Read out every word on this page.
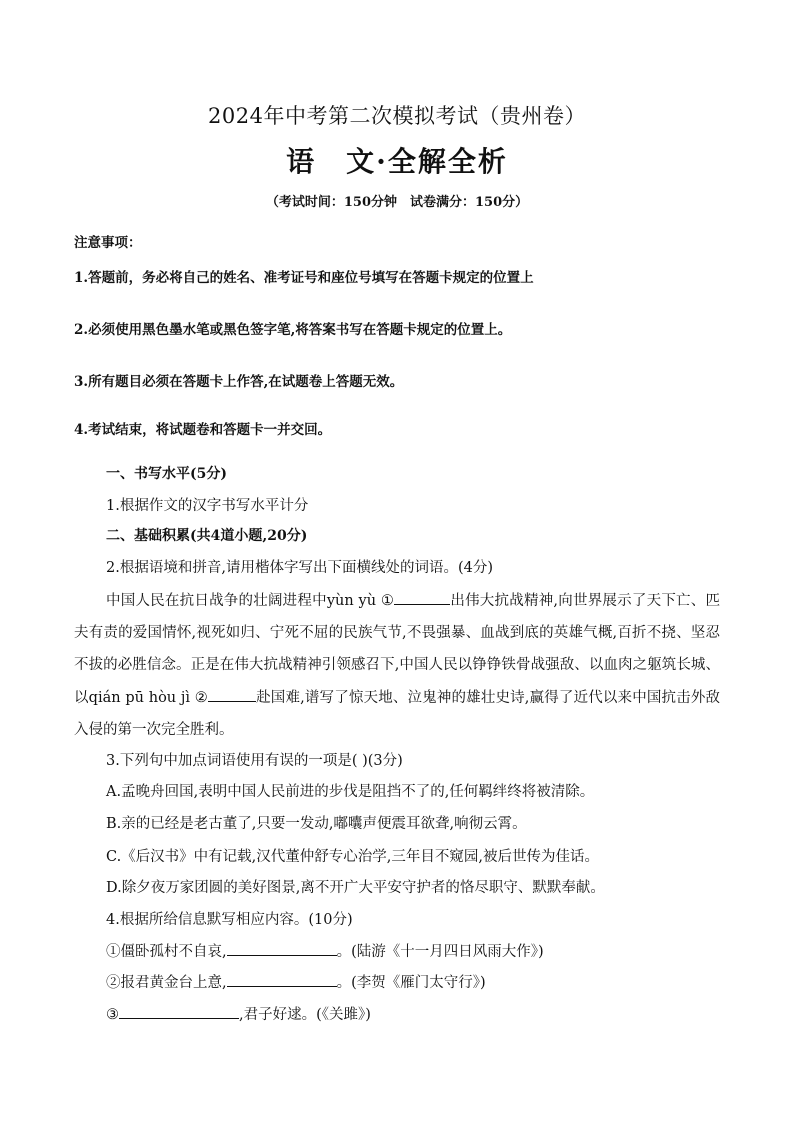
2024年中考第二次模拟考试（贵州卷）
语　文·全解全析
（考试时间：150分钟　试卷满分：150分）
注意事项：
1.答题前，务必将自己的姓名、准考证号和座位号填写在答题卡规定的位置上
2.必须使用黑色墨水笔或黑色签字笔,将答案书写在答题卡规定的位置上。
3.所有题目必须在答题卡上作答,在试题卷上答题无效。
4.考试结束，将试题卷和答题卡一并交回。
一、书写水平(5分)
1.根据作文的汉字书写水平计分
二、基础积累(共4道小题,20分)
2.根据语境和拼音,请用楷体字写出下面横线处的词语。(4分)
中国人民在抗日战争的壮阔进程中yùn yù ①	出伟大抗战精神,向世界展示了天下亡、匹夫有责的爱国情怀,视死如归、宁死不屈的民族气节,不畏强暴、血战到底的英雄气概,百折不挠、坚忍不拔的必胜信念。正是在伟大抗战精神引领感召下,中国人民以铮铮铁骨战强敌、以血肉之躯筑长城、以qián pū hòu jì ②	赴国难,谱写了惊天地、泣鬼神的雄壮史诗,赢得了近代以来中国抗击外敌入侵的第一次完全胜利。
3.下列句中加点词语使用有误的一项是( )(3分)
A.孟晚舟回国,表明中国人民前进的步伐是阻挡不了的,任何羁绊终将被清除。
B.亲的已经是老古董了,只要一发动,嘟囔声便震耳欲聋,响彻云霄。
C.《后汉书》中有记载,汉代董仲舒专心治学,三年目不窥园,被后世传为佳话。
D.除夕夜万家团圆的美好图景,离不开广大平安守护者的恪尽职守、默默奉献。
4.根据所给信息默写相应内容。(10分)
①僵卧孤村不自哀,	。(陆游《十一月四日风雨大作》)
②报君黄金台上意,	。(李贺《雁门太守行》)
③	,君子好逑。(《关雎》)
